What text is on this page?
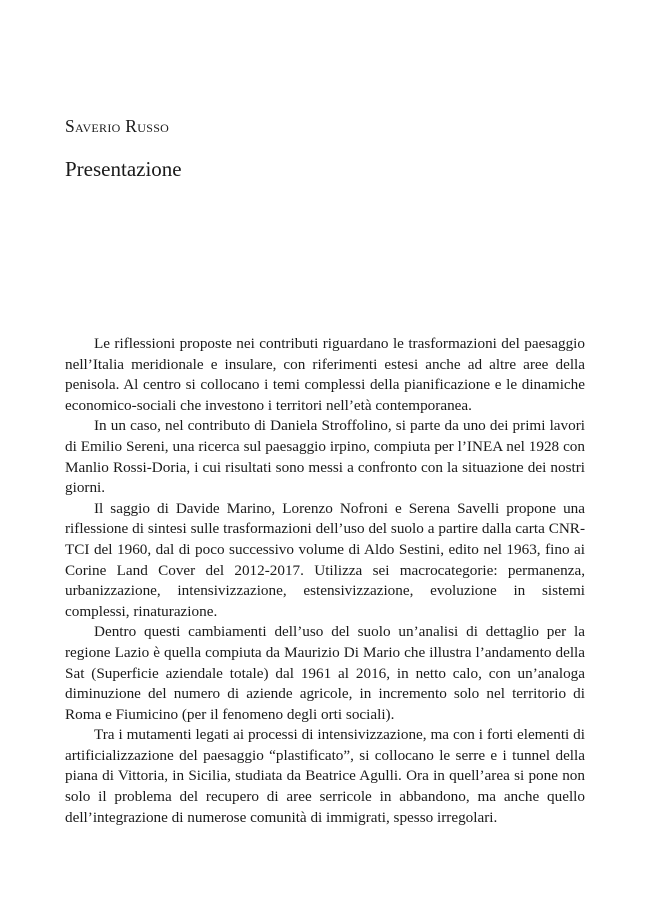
Saverio Russo
Presentazione

Le riflessioni proposte nei contributi riguardano le trasformazioni del paesaggio nell’Italia meridionale e insulare, con riferimenti estesi anche ad altre aree della penisola. Al centro si collocano i temi complessi della pianificazione e le dinamiche economico-sociali che investono i territori nell’età contemporanea.

In un caso, nel contributo di Daniela Stroffolino, si parte da uno dei primi lavori di Emilio Sereni, una ricerca sul paesaggio irpino, compiuta per l’INEA nel 1928 con Manlio Rossi-Doria, i cui risultati sono messi a confronto con la situazione dei nostri giorni.

Il saggio di Davide Marino, Lorenzo Nofroni e Serena Savelli propone una riflessione di sintesi sulle trasformazioni dell’uso del suolo a partire dalla carta CNR-TCI del 1960, dal di poco successivo volume di Aldo Sestini, edito nel 1963, fino ai Corine Land Cover del 2012-2017. Utilizza sei macrocategorie: permanenza, urbanizzazione, intensivizzazione, estensivizzazione, evoluzione in sistemi complessi, rinaturazione.

Dentro questi cambiamenti dell’uso del suolo un’analisi di dettaglio per la regione Lazio è quella compiuta da Maurizio Di Mario che illustra l’andamento della Sat (Superficie aziendale totale) dal 1961 al 2016, in netto calo, con un’analoga diminuzione del numero di aziende agricole, in incremento solo nel territorio di Roma e Fiumicino (per il fenomeno degli orti sociali).

Tra i mutamenti legati ai processi di intensivizzazione, ma con i forti elementi di artificializzazione del paesaggio “plastificato”, si collocano le serre e i tunnel della piana di Vittoria, in Sicilia, studiata da Beatrice Agulli. Ora in quell’area si pone non solo il problema del recupero di aree serricole in abbandono, ma anche quello dell’integrazione di numerose comunità di immigrati, spesso irregolari.
